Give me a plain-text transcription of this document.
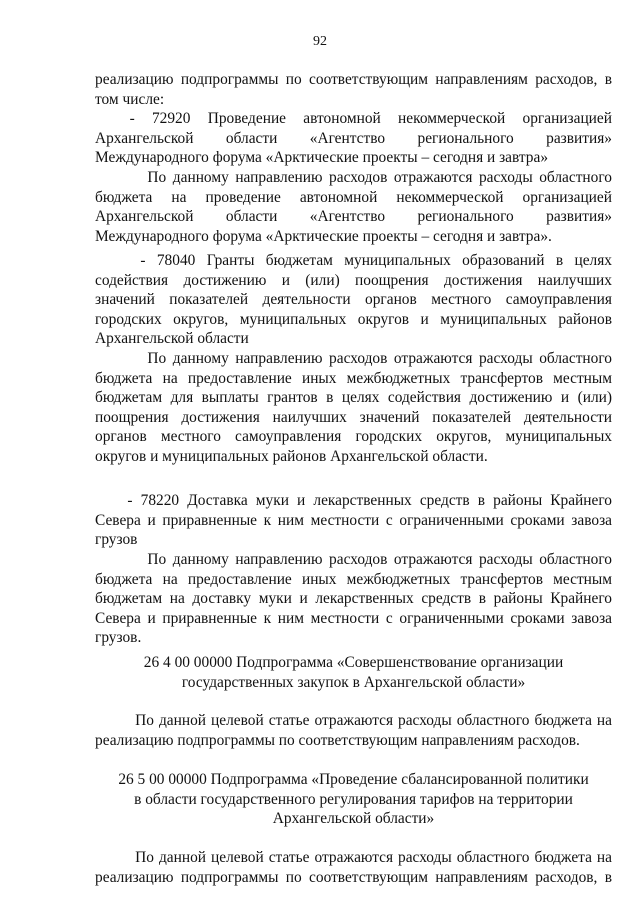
92
реализацию подпрограммы по соответствующим направлениям расходов, в
том числе:
-  72920  Проведение  автономной  некоммерческой  организацией
Архангельской области «Агентство регионального развития»
Международного форума «Арктические проекты – сегодня и завтра»
По данному направлению расходов отражаются расходы областного
бюджета на проведение автономной некоммерческой организацией
Архангельской области «Агентство регионального развития»
Международного форума «Арктические проекты – сегодня и завтра».
- 78040 Гранты бюджетам муниципальных образований в целях
содействия достижению и (или) поощрения достижения наилучших
значений показателей деятельности органов местного самоуправления
городских округов, муниципальных округов и муниципальных районов
Архангельской области
По данному направлению расходов отражаются расходы областного
бюджета на предоставление иных межбюджетных трансфертов местным
бюджетам для выплаты грантов в целях содействия достижению и (или)
поощрения достижения наилучших значений показателей деятельности
органов местного самоуправления городских округов, муниципальных
округов и муниципальных районов Архангельской области.
- 78220 Доставка муки и лекарственных средств в районы Крайнего
Севера и приравненные к ним местности с ограниченными сроками завоза
грузов
По данному направлению расходов отражаются расходы областного
бюджета на предоставление иных межбюджетных трансфертов местным
бюджетам на доставку муки и лекарственных средств в районы Крайнего
Севера и приравненные к ним местности с ограниченными сроками завоза
грузов.
26 4 00 00000 Подпрограмма «Совершенствование организации
государственных закупок в Архангельской области»
По данной целевой статье отражаются расходы областного бюджета на
реализацию подпрограммы по соответствующим направлениям расходов.
26 5 00 00000 Подпрограмма «Проведение сбалансированной политики
в области государственного регулирования тарифов на территории
Архангельской области»
По данной целевой статье отражаются расходы областного бюджета на
реализацию подпрограммы по соответствующим направлениям расходов, в
